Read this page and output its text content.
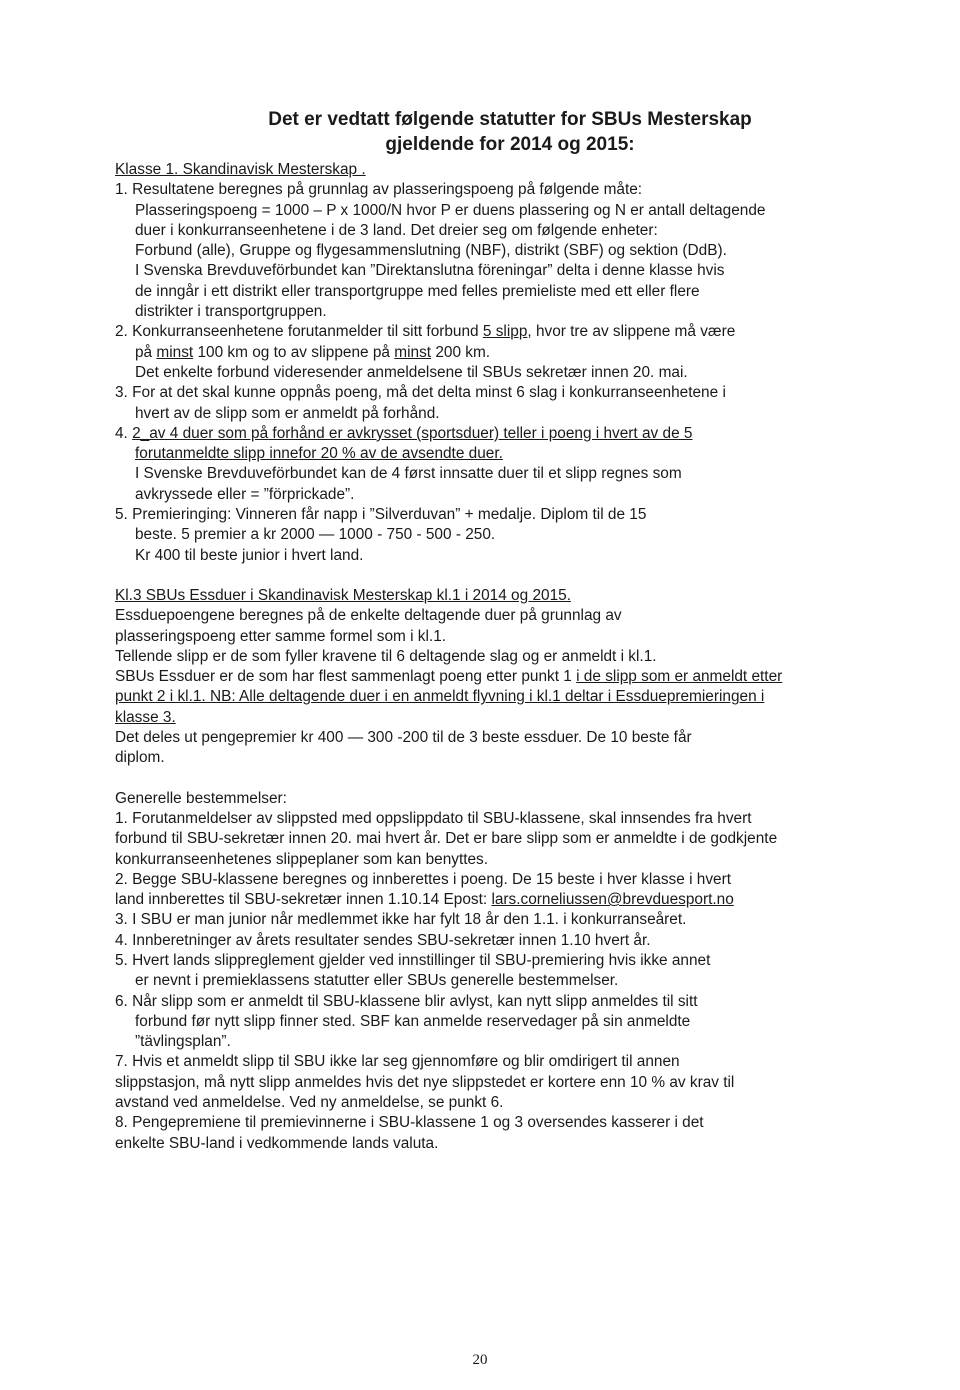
Det er vedtatt følgende statutter for SBUs Mesterskap
gjeldende for 2014 og 2015:

Klasse 1. Skandinavisk Mesterskap .

1. Resultatene beregnes på grunnlag av plasseringspoeng på følgende måte:

Plasseringspoeng = 1000 – P x 1000/N hvor P er duens plassering og N er antall deltagende

duer i konkurranseenhetene i de 3 land. Det dreier seg om følgende enheter:

Forbund (alle), Gruppe og flygesammenslutning (NBF), distrikt (SBF) og sektion (DdB).

I Svenska Brevduveförbundet kan ”Direktanslutna föreningar” delta i denne klasse hvis

de inngår i ett distrikt eller transportgruppe med felles premieliste med ett eller flere

distrikter i transportgruppen.

2. Konkurranseenhetene forutanmelder til sitt forbund 5 slipp, hvor tre av slippene må være

på minst 100 km og to av slippene på minst 200 km.

Det enkelte forbund videresender anmeldelsene til SBUs sekretær innen 20. mai.

3. For at det skal kunne oppnås poeng, må det delta minst 6 slag i konkurranseenhetene i

hvert av de slipp som er anmeldt på forhånd.

4. 2_av 4 duer som på forhånd er avkrysset (sportsduer) teller i poeng i hvert av de 5

forutanmeldte slipp innefor 20 % av de avsendte duer.

I Svenske Brevduveförbundet kan de 4 først innsatte duer til et slipp regnes som

avkryssede eller = ”förprickade”.

5. Premieringing: Vinneren får napp i ”Silverduvan” + medalje. Diplom til de 15

beste. 5 premier a kr 2000 — 1000 - 750 - 500 - 250.

Kr 400 til beste junior i hvert land.

Kl.3 SBUs Essduer i Skandinavisk Mesterskap kl.1 i 2014 og 2015.

Essduepoengene beregnes på de enkelte deltagende duer på grunnlag av

plasseringspoeng etter samme formel som i kl.1.

Tellende slipp er de som fyller kravene til 6 deltagende slag og er anmeldt i kl.1.

SBUs Essduer er de som har flest sammenlagt poeng etter punkt 1 i de slipp som er anmeldt etter

punkt 2 i kl.1. NB: Alle deltagende duer i en anmeldt flyvning i kl.1 deltar i Essduepremieringen i

klasse 3.

Det deles ut pengepremier kr 400 — 300 -200 til de 3 beste essduer. De 10 beste får

diplom.

Generelle bestemmelser:

1. Forutanmeldelser av slippsted med oppslippdato til SBU-klassene, skal innsendes fra hvert

forbund til SBU-sekretær innen 20. mai hvert år. Det er bare slipp som er anmeldte i de godkjente

konkurranseenhetenes slippeplaner som kan benyttes.

2. Begge SBU-klassene beregnes og innberettes i poeng. De 15 beste i hver klasse i hvert

land innberettes til SBU-sekretær innen 1.10.14 Epost: lars.corneliussen@brevduesport.no

3. I SBU er man junior når medlemmet ikke har fylt 18 år den 1.1. i konkurranseåret.

4. Innberetninger av årets resultater sendes SBU-sekretær innen 1.10 hvert år.

5. Hvert lands slippreglement gjelder ved innstillinger til SBU-premiering hvis ikke annet

er nevnt i premieklassens statutter eller SBUs generelle bestemmelser.

6. Når slipp som er anmeldt til SBU-klassene blir avlyst, kan nytt slipp anmeldes til sitt

forbund før nytt slipp finner sted. SBF kan anmelde reservedager på sin anmeldte

”tävlingsplan”.

7. Hvis et anmeldt slipp til SBU ikke lar seg gjennomføre og blir omdirigert til annen

slippstasjon, må nytt slipp anmeldes hvis det nye slippstedet er kortere enn 10 % av krav til

avstand ved anmeldelse. Ved ny anmeldelse, se punkt 6.

8. Pengepremiene til premievinnerne i SBU-klassene 1 og 3 oversendes kasserer i det

enkelte SBU-land i vedkommende lands valuta.

20
